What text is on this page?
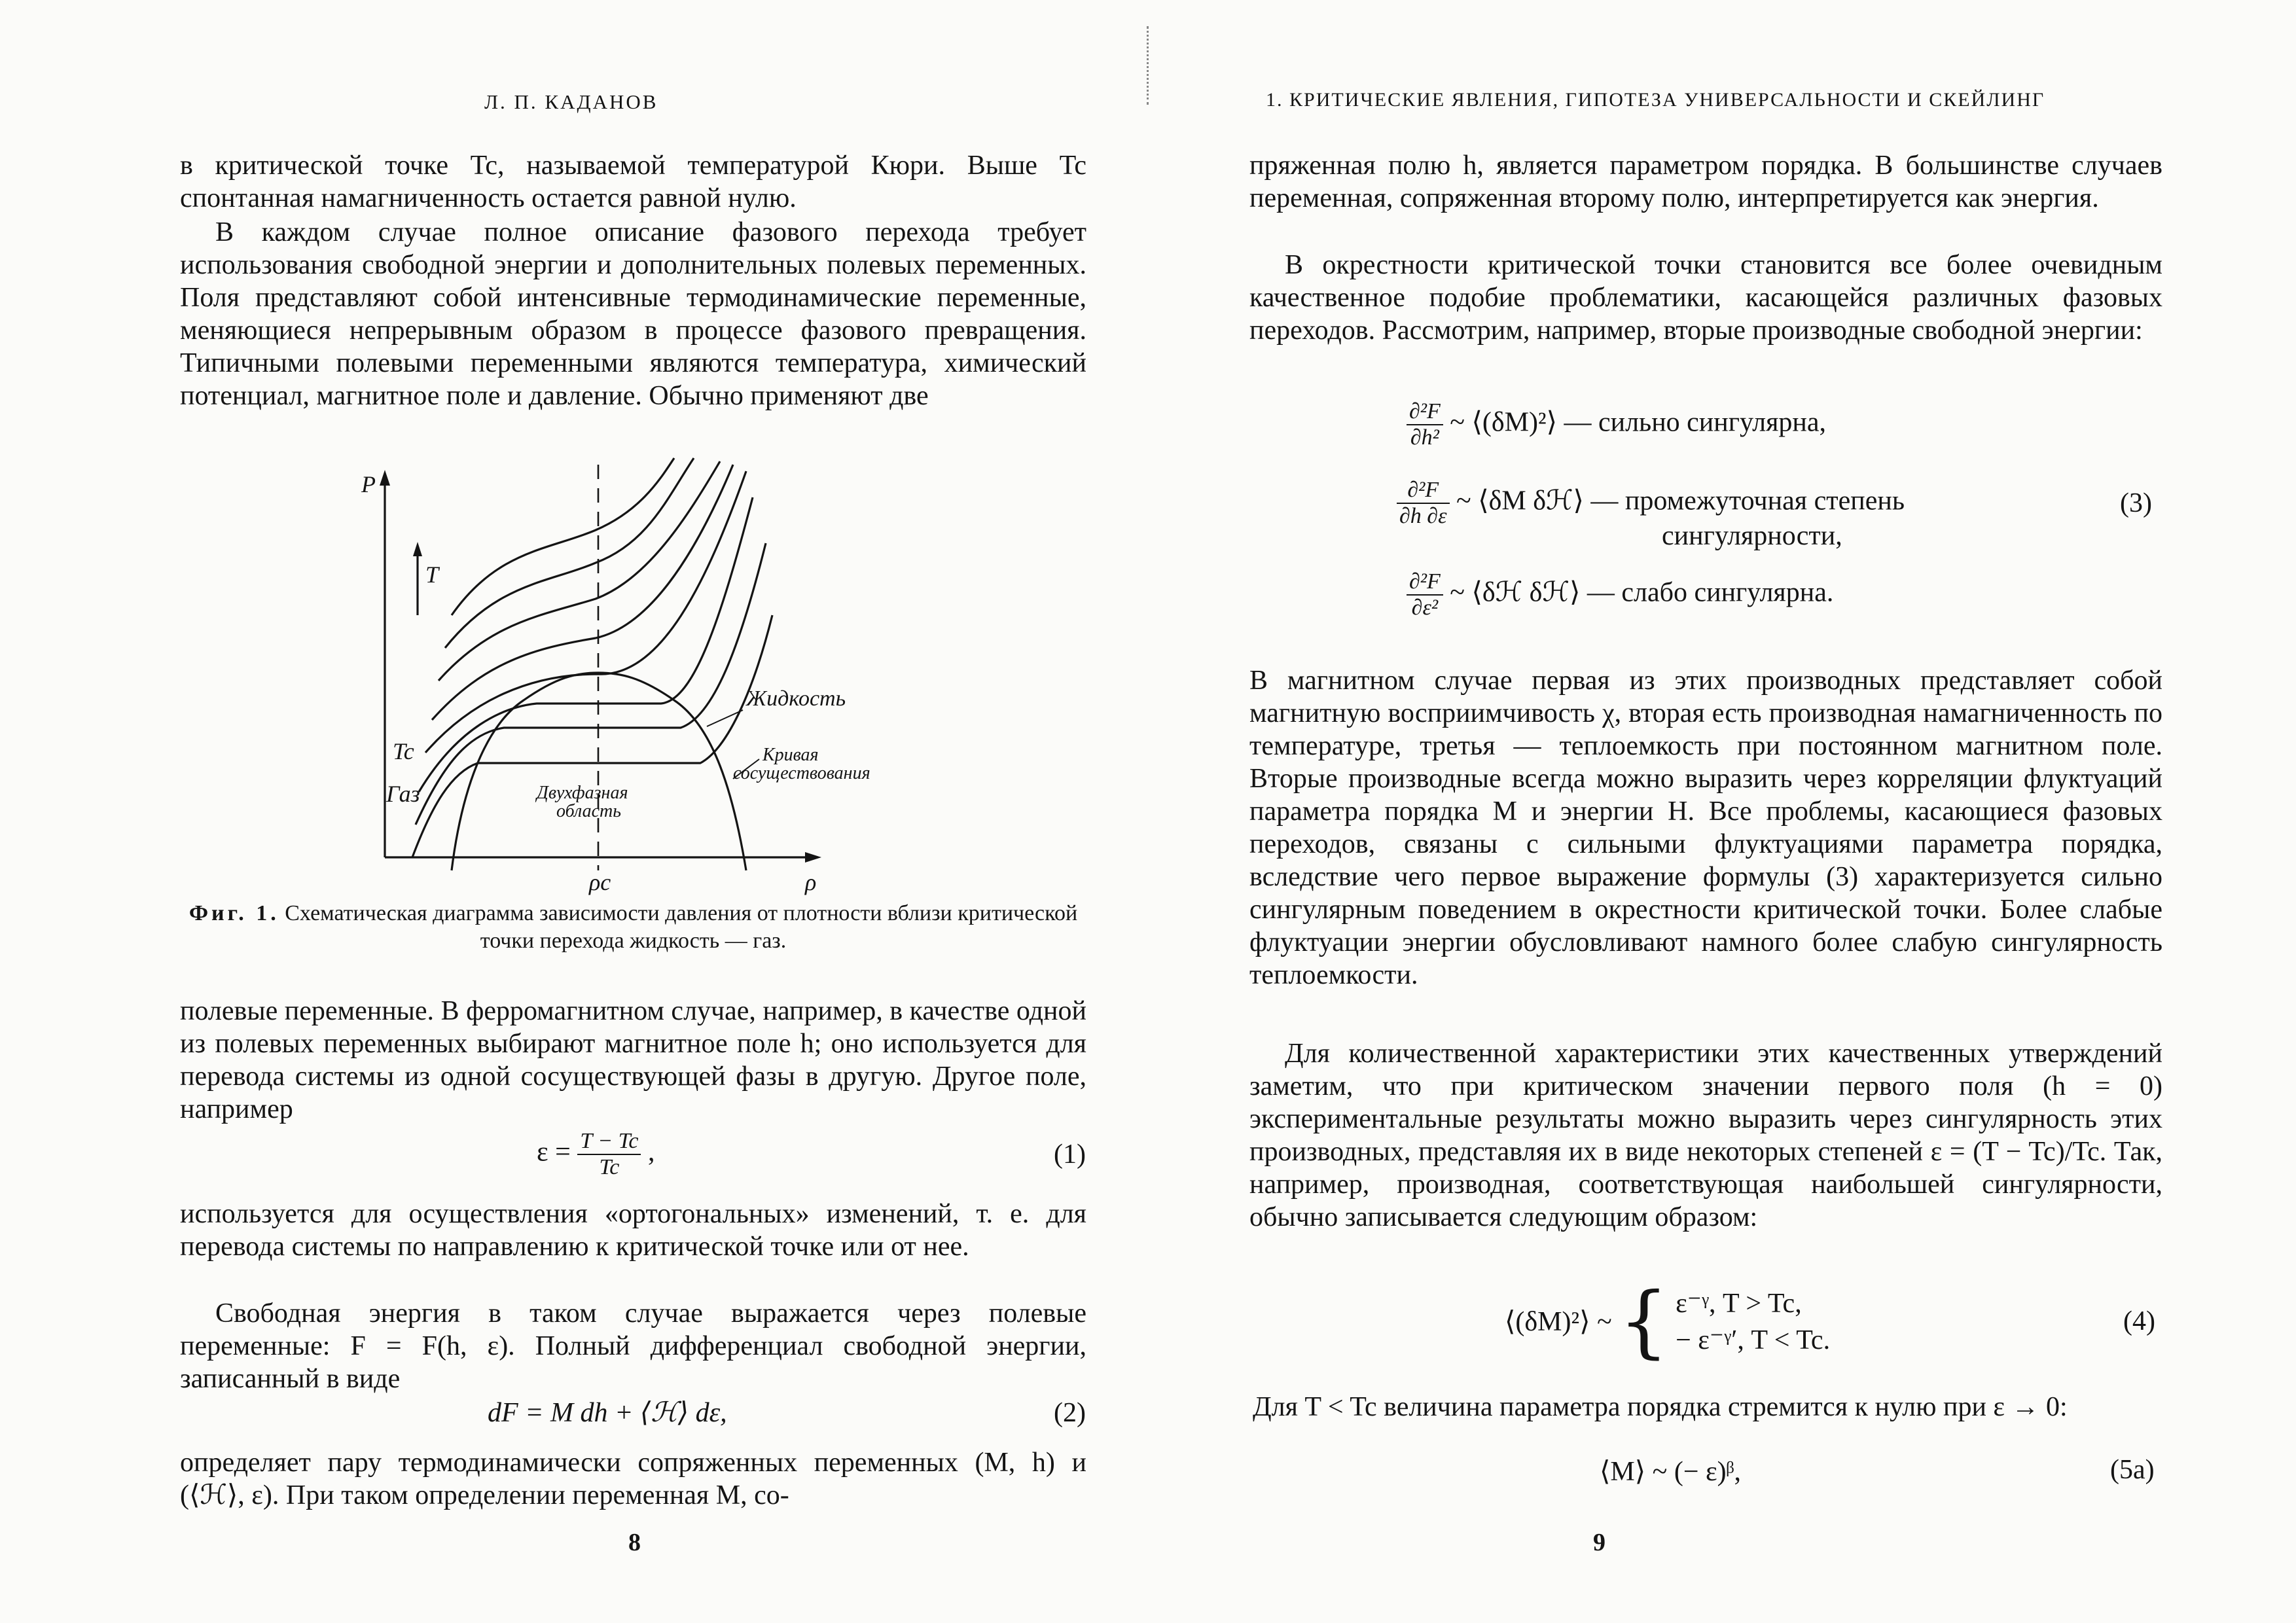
Л. П. КАДАНОВ

в критической точке Tc, называемой температурой Кюри. Выше Tc спонтанная намагниченность остается равной нулю.

В каждом случае полное описание фазового перехода требует использования свободной энергии и дополнительных полевых переменных. Поля представляют собой интенсивные термодинамические переменные, меняющиеся непрерывным образом в процессе фазового превращения. Типичными полевыми переменными являются температура, химический потенциал, магнитное поле и давление. Обычно применяют две

P
T
Tc
Газ
Жидкость
Кривая
сосуществования
Двухфазная
область
ρc	ρ

Фиг. 1. Схематическая диаграмма зависимости давления от плотности вблизи критической точки перехода жидкость — газ.

полевые переменные. В ферромагнитном случае, например, в качестве одной из полевых переменных выбирают магнитное поле h; оно используется для перевода системы из одной сосуществующей фазы в другую. Другое поле, например

$\varepsilon = \frac{T - Tc}{Tc}$ ,	(1)

используется для осуществления «ортогональных» изменений, т. е. для перевода системы по направлению к критической точке или от нее.

Свободная энергия в таком случае выражается через полевые переменные: F = F(h, ε). Полный дифференциал свободной энергии, записанный в виде

dF = M dh + ⟨ℋ⟩ dε,	(2)

определяет пару термодинамически сопряженных переменных (M, h) и (⟨ℋ⟩, ε). При таком определении переменная M, со-

8
1. КРИТИЧЕСКИЕ ЯВЛЕНИЯ, ГИПОТЕЗА УНИВЕРСАЛЬНОСТИ И СКЕЙЛИНГ

пряженная полю h, является параметром порядка. В большинстве случаев переменная, сопряженная второму полю, интерпретируется как энергия.

В окрестности критической точки становится все более очевидным качественное подобие проблематики, касающейся различных фазовых переходов. Рассмотрим, например, вторые производные свободной энергии:

$\frac{\text{∂²F}}{\text{∂h²}}$ ~ ⟨(δM)²⟩ — сильно сингулярна,
$\frac{\text{∂²F}}{\partial h \partial\varepsilon}$ ~ ⟨δM δℋ⟩ — промежуточная степень
сингулярности,
(3)
$\frac{\text{∂²F}}{\text{∂ε²}}$ ~ ⟨δℋ δℋ⟩ — слабо сингулярна.

В магнитном случае первая из этих производных представляет собой магнитную восприимчивость χ, вторая есть производная намагниченность по температуре, третья — теплоемкость при постоянном магнитном поле. Вторые производные всегда можно выразить через корреляции флуктуаций параметра порядка M и энергии H. Все проблемы, касающиеся фазовых переходов, связаны с сильными флуктуациями параметра порядка, вследствие чего первое выражение формулы (3) характеризуется сильно сингулярным поведением в окрестности критической точки. Более слабые флуктуации энергии обусловливают намного более слабую сингулярность теплоемкости.

Для количественной характеристики этих качественных утверждений заметим, что при критическом значении первого поля (h = 0) экспериментальные результаты можно выразить через сингулярность этих производных, представляя их в виде некоторых степеней ε = (T − Tc)/Tc. Так, например, производная, соответствующая наибольшей сингулярности, обычно записывается следующим образом:

⟨(δM)²⟩ ~ { ε⁻ᵞ, T > Tc,
− ε⁻ᵞ′, T < Tc.
(4)

Для T < Tc величина параметра порядка стремится к нулю при ε → 0:

⟨M⟩ ~ (− ε)ᵝ,	(5a)
9
